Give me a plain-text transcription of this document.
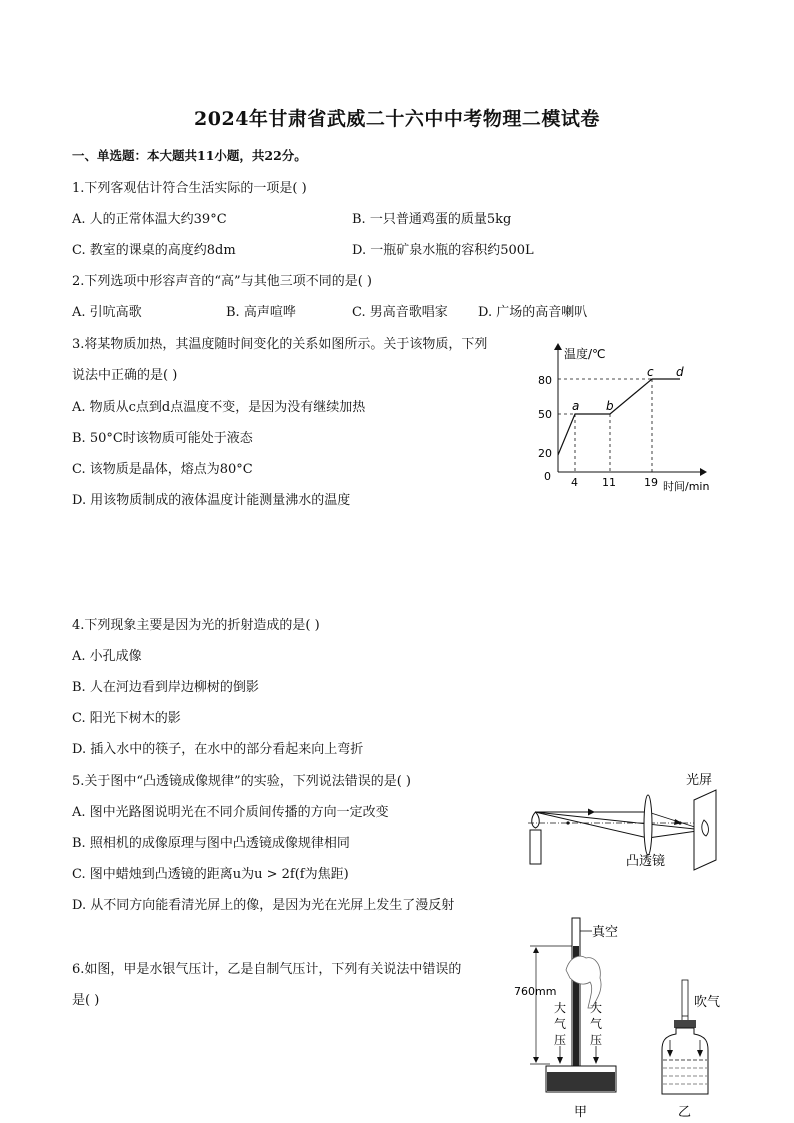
2024年甘肃省武威二十六中中考物理二模试卷
一、单选题：本大题共11小题，共22分。
1.下列客观估计符合生活实际的一项是( )
A. 人的正常体温大约39°C	B. 一只普通鸡蛋的质量5kg
C. 教室的课桌的高度约8dm	D. 一瓶矿泉水瓶的容积约500L
2.下列选项中形容声音的“高”与其他三项不同的是( )
A. 引吭高歌	B. 高声喧哗	C. 男高音歌唱家 D. 广场的高音喇叭
3.将某物质加热，其温度随时间变化的关系如图所示。关于该物质，下列
说法中正确的是( )
A. 物质从c点到d点温度不变，是因为没有继续加热
B. 50°C时该物质可能处于液态
C. 该物质是晶体，熔点为80°C
D. 用该物质制成的液体温度计能测量沸水的温度
温度/℃
时间/min
0
20
50
80
4 11	19
a b
c d
4.下列现象主要是因为光的折射造成的是( )
A. 小孔成像
B. 人在河边看到岸边柳树的倒影
C. 阳光下树木的影
D. 插入水中的筷子，在水中的部分看起来向上弯折
5.关于图中“凸透镜成像规律”的实验，下列说法错误的是( )
A. 图中光路图说明光在不同介质间传播的方向一定改变
B. 照相机的成像原理与图中凸透镜成像规律相同
C. 图中蜡烛到凸透镜的距离u为u > 2f(f为焦距)
D. 从不同方向能看清光屏上的像，是因为光在光屏上发生了漫反射
光屏
凸透镜
6.如图，甲是水银气压计，乙是自制气压计，下列有关说法中错误的
是( )
真空
760mm
大
气
压
大
气
压
甲
吹气
乙
